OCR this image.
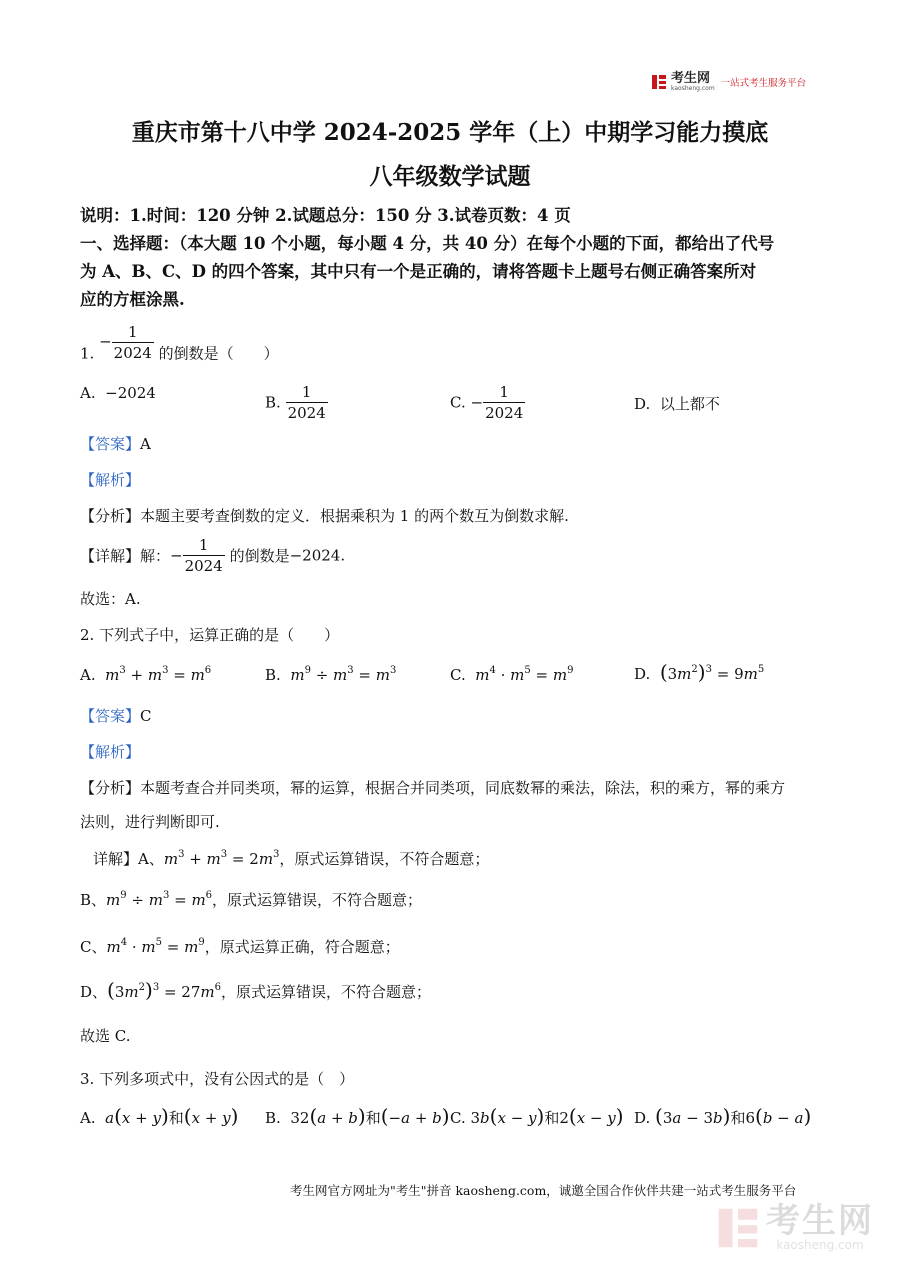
考生网
kaosheng.com 一站式考生服务平台
重庆市第十八中学 2024-2025 学年（上）中期学习能力摸底
八年级数学试题
说明：1.时间：120 分钟 2.试题总分：150 分 3.试卷页数：4 页
一、选择题：（本大题 10 个小题，每小题 4 分，共 40 分）在每个小题的下面，都给出了代号
为 A、B、C、D 的四个答案，其中只有一个是正确的，请将答题卡上题号右侧正确答案所对
应的方框涂黑.
1. − $\frac{1}{2024}$ 的倒数是（　　）
A. −2024
B. $\frac{1}{2024}$	C. − $\frac{1}{2024}$	D. 以上都不
【答案】A
【解析】
【分析】本题主要考查倒数的定义．根据乘积为 1 的两个数互为倒数求解.
【详解】解：− $\frac{1}{2024}$ 的倒数是−2024.
故选：A.
2. 下列式子中，运算正确的是（　　）
A. $m^3 + m^3 = m^6$	B. $m^9 \div m^3 = m^3$	C. $m^4 \cdot m^5 = m^9$	D. $(3m^2)^3 = 9m^5$
【答案】C
【解析】
【分析】本题考查合并同类项，幂的运算，根据合并同类项，同底数幂的乘法，除法，积的乘方，幂的乘方
法则，进行判断即可.
详解】A、$m^3 + m^3 = 2m^3$，原式运算错误，不符合题意；
B、$m^9 \div m^3 = m^6$，原式运算错误，不符合题意；
C、$m^4 \cdot m^5 = m^9$，原式运算正确，符合题意；
D、$(3m^2)^3 = 27m^6$，原式运算错误，不符合题意；
故选 C.
3. 下列多项式中，没有公因式的是（　）
A. a(x + y)和(x + y) B. 32(a + b)和(−a + b) C. 3b(x − y)和2(x − y) D. (3a − 3b)和6(b − a)
考生网官方网址为"考生"拼音 kaosheng.com，诚邀全国合作伙伴共建一站式考生服务平台
考生网
kaosheng.com
